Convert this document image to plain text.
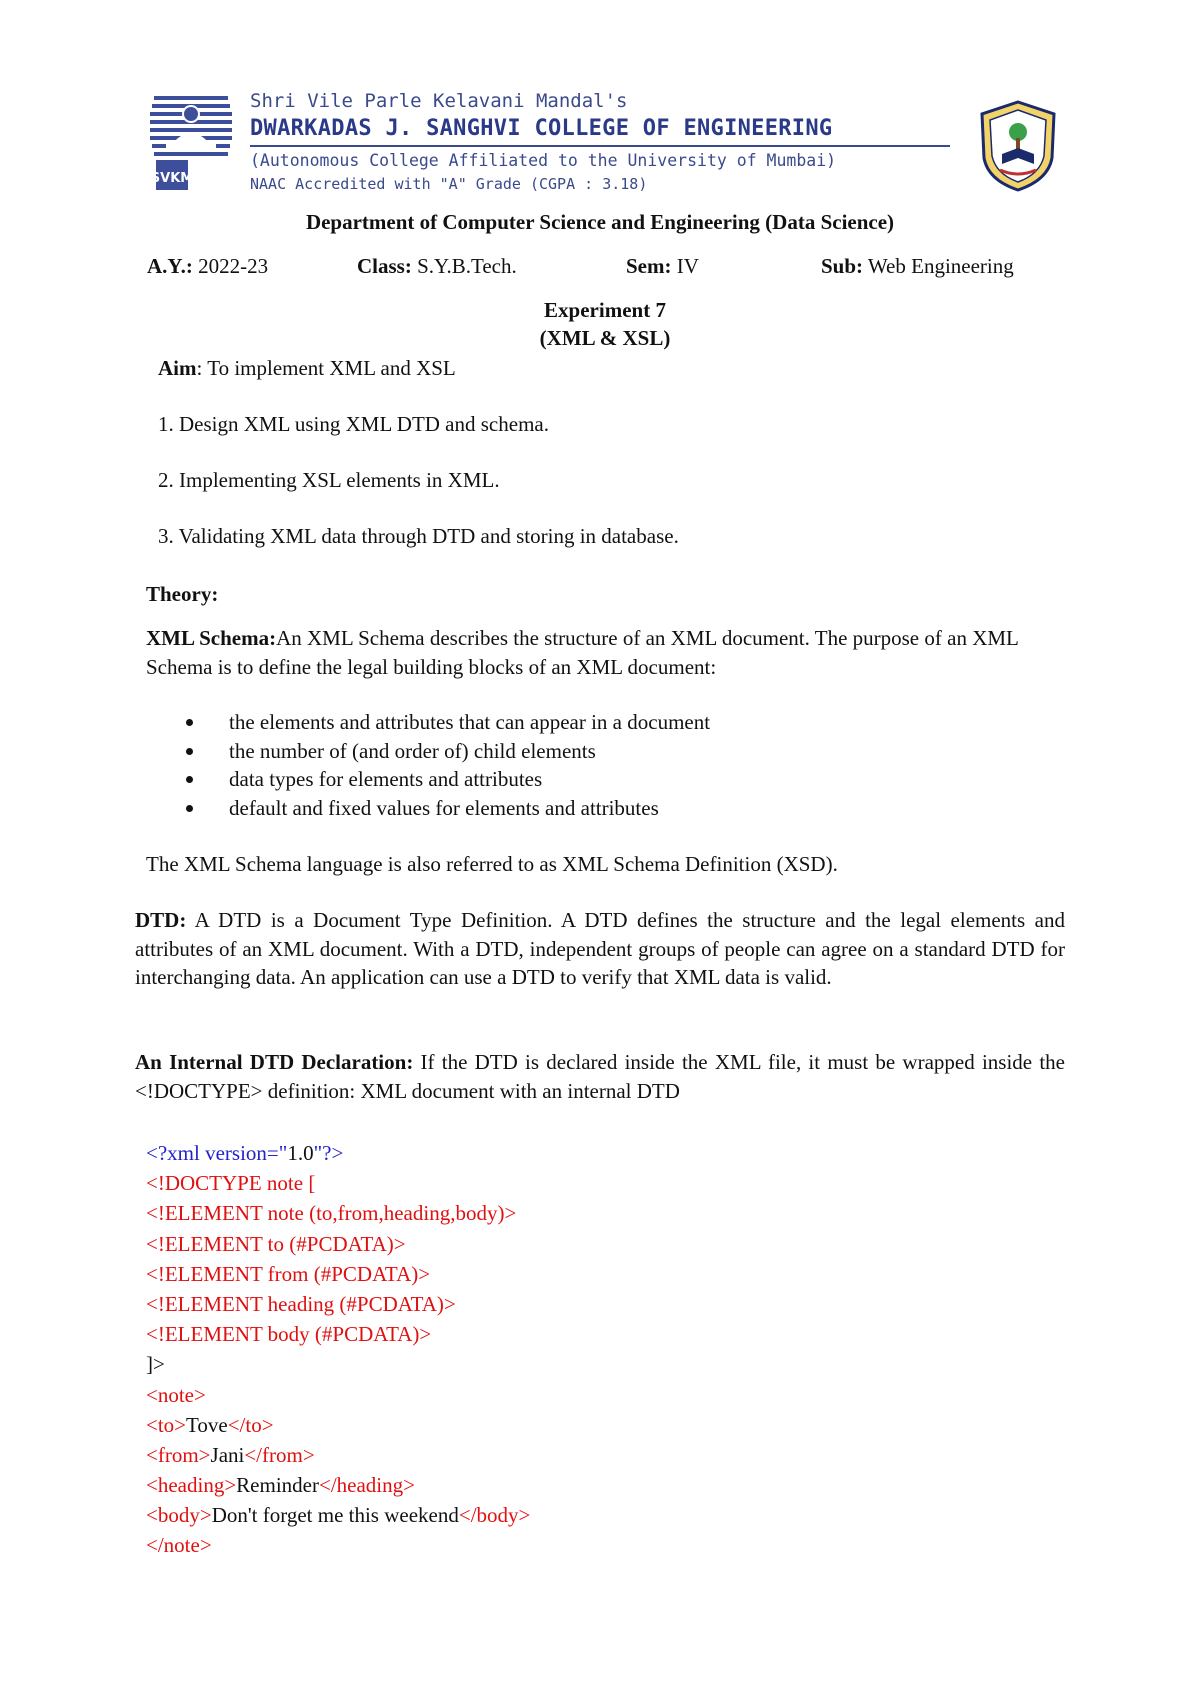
SVKM
Shri Vile Parle Kelavani Mandal's
DWARKADAS J. SANGHVI COLLEGE OF ENGINEERING
(Autonomous College Affiliated to the University of Mumbai)
NAAC Accredited with "A" Grade (CGPA : 3.18)
Department of Computer Science and Engineering (Data Science)
A.Y.: 2022-23	Class: S.Y.B.Tech.	Sem: IV	Sub: Web Engineering
Experiment 7
(XML & XSL)
Aim: To implement XML and XSL
1. Design XML using XML DTD and schema.
2. Implementing XSL elements in XML.
3. Validating XML data through DTD and storing in database.
Theory:
XML Schema:An XML Schema describes the structure of an XML document. The purpose of an XML Schema is to define the legal building blocks of an XML document:
the elements and attributes that can appear in a document
the number of (and order of) child elements
data types for elements and attributes
default and fixed values for elements and attributes
The XML Schema language is also referred to as XML Schema Definition (XSD).
DTD: A DTD is a Document Type Definition. A DTD defines the structure and the legal elements and attributes of an XML document. With a DTD, independent groups of people can agree on a standard DTD for interchanging data. An application can use a DTD to verify that XML data is valid.
An Internal DTD Declaration: If the DTD is declared inside the XML file, it must be wrapped inside the <!DOCTYPE> definition: XML document with an internal DTD
<?xml version="1.0"?>
<!DOCTYPE note [
<!ELEMENT note (to,from,heading,body)>
<!ELEMENT to (#PCDATA)>
<!ELEMENT from (#PCDATA)>
<!ELEMENT heading (#PCDATA)>
<!ELEMENT body (#PCDATA)>
]>
<note>
<to>Tove</to>
<from>Jani</from>
<heading>Reminder</heading>
<body>Don't forget me this weekend</body>
</note>
